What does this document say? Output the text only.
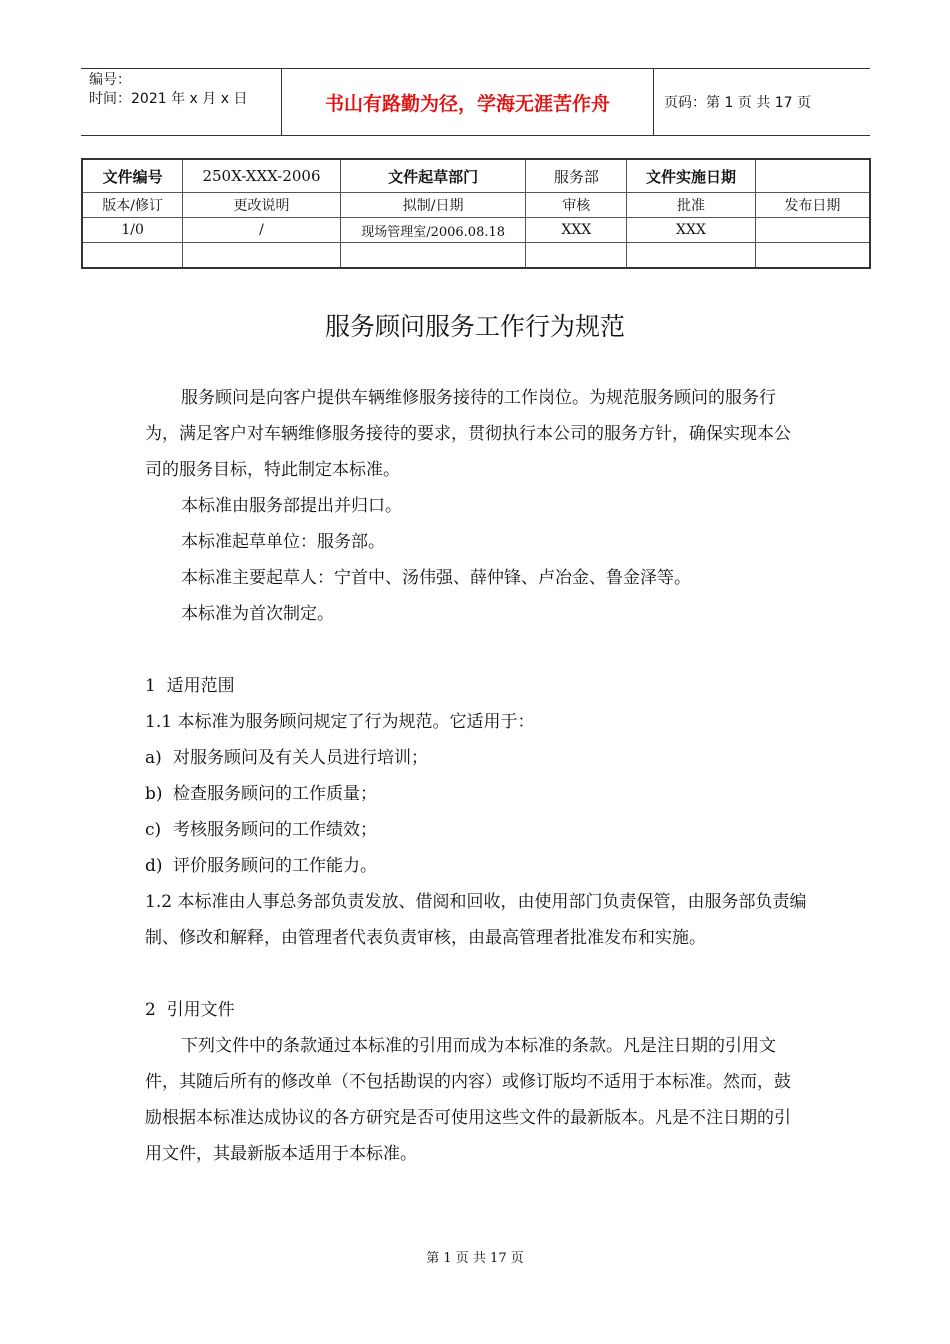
编号：
时间：2021 年 x 月 x 日	书山有路勤为径，学海无涯苦作舟	页码：第 1 页 共 17 页
文件编号	250X-XXX-2006	文件起草部门	服务部	文件实施日期	
版本/修订	更改说明	拟制/日期	审核	批准	发布日期
1/0	/	现场管理室/2006.08.18	XXX	XXX	

服务顾问服务工作行为规范

服务顾问是向客户提供车辆维修服务接待的工作岗位。为规范服务顾问的服务行为，满足客户对车辆维修服务接待的要求，贯彻执行本公司的服务方针，确保实现本公司的服务目标，特此制定本标准。

本标准由服务部提出并归口。

本标准起草单位：服务部。

本标准主要起草人：宁首中、汤伟强、薛仲锋、卢冶金、鲁金泽等。

本标准为首次制定。

1 适用范围

1.1 本标准为服务顾问规定了行为规范。它适用于：

a) 对服务顾问及有关人员进行培训；
b) 检查服务顾问的工作质量；
c) 考核服务顾问的工作绩效；
d) 评价服务顾问的工作能力。

1.2 本标准由人事总务部负责发放、借阅和回收，由使用部门负责保管，由服务部负责编制、修改和解释，由管理者代表负责审核，由最高管理者批准发布和实施。

2 引用文件

下列文件中的条款通过本标准的引用而成为本标准的条款。凡是注日期的引用文件，其随后所有的修改单（不包括勘误的内容）或修订版均不适用于本标准。然而，鼓励根据本标准达成协议的各方研究是否可使用这些文件的最新版本。凡是不注日期的引用文件，其最新版本适用于本标准。

第 1 页 共 17 页
